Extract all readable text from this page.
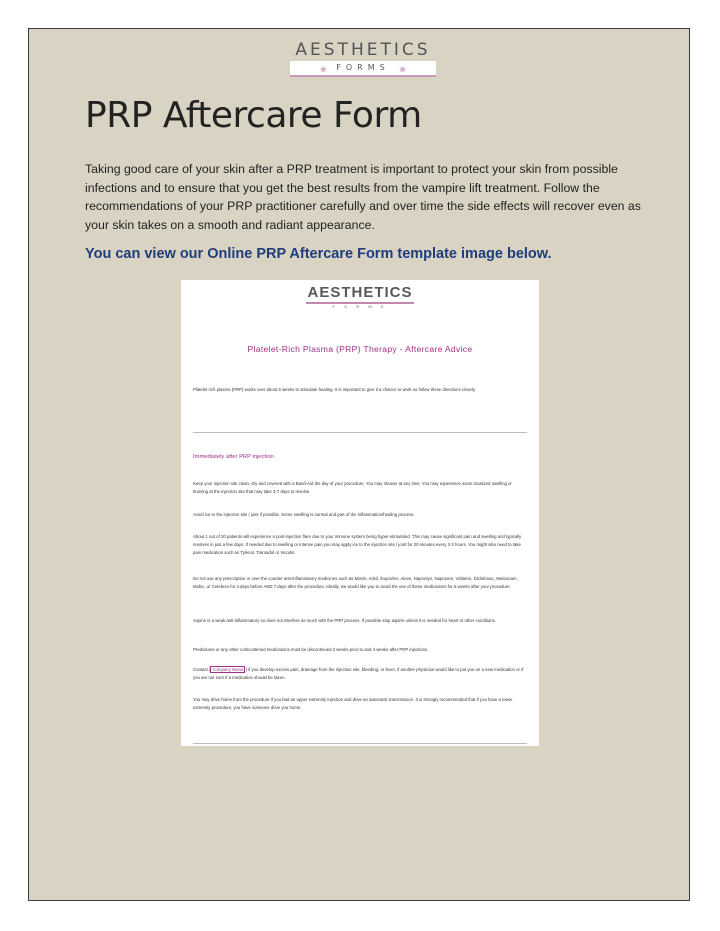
AESTHETICS
❀ FORMS ❀
PRP Aftercare Form

Taking good care of your skin after a PRP treatment is important to protect your skin from possible infections and to ensure that you get the best results from the vampire lift treatment. Follow the recommendations of your PRP practitioner carefully and over time the side effects will recover even as your skin takes on a smooth and radiant appearance.

You can view our Online PRP Aftercare Form template image below.
AESTHETICS
F O R M S
Platelet-Rich Plasma (PRP) Therapy - Aftercare Advice

Platelet rich plasma (PRP) works over about 6 weeks to stimulate healing. It is important to give it a chance to work so follow these directions closely.

Immediately after PRP injection

Keep your injection site clean, dry and covered with a Band-Aid the day of your procedure. You may shower at any time. You may experience some localized swelling or bruising at the injection site that may take 3-7 days to resolve.

Avoid ice to the injection site / joint if possible. Some swelling is normal and part of the inflammation/healing process.

About 1 out of 20 patients will experience a post-injection flare due to your immune system being hyper-stimulated. This may cause significant pain and swelling and typically resolves in just a few days. If needed due to swelling or intense pain you may apply ice to the injection site / joint for 20 minutes every 2-3 hours. You might also need to take pain medication such as Tylenol, Tramadol or Vicodin.

Do not use any prescription or over the counter anti-inflammatory medicines such as Motrin, Advil, Ibuprofen, Aleve, Naprosyn, Naproxen, Voltaren, Diclofenac, Meloxicam, Mobic, or Celebrex for 4 days before AND 7 days after the procedure. Ideally, we would like you to avoid the use of these medications for 6 weeks after your procedure.

Aspirin is a weak anti-inflammatory so does not interfere as much with the PRP process. If possible stop aspirin unless it is needed for heart or other conditions.

Prednisone or any other corticosteroid medications must be discontinued 2 weeks prior to and 4 weeks after PRP injections.

Contact ( Company Name ) if you develop excess pain, drainage from the injection site, bleeding, or fever, if another physician would like to put you on a new medication or if you are not sure if a medication should be taken.

You may drive home from the procedure if you had an upper extremity injection and drive an automatic transmission. It is strongly recommended that if you have a lower extremity procedure, you have someone drive you home.
